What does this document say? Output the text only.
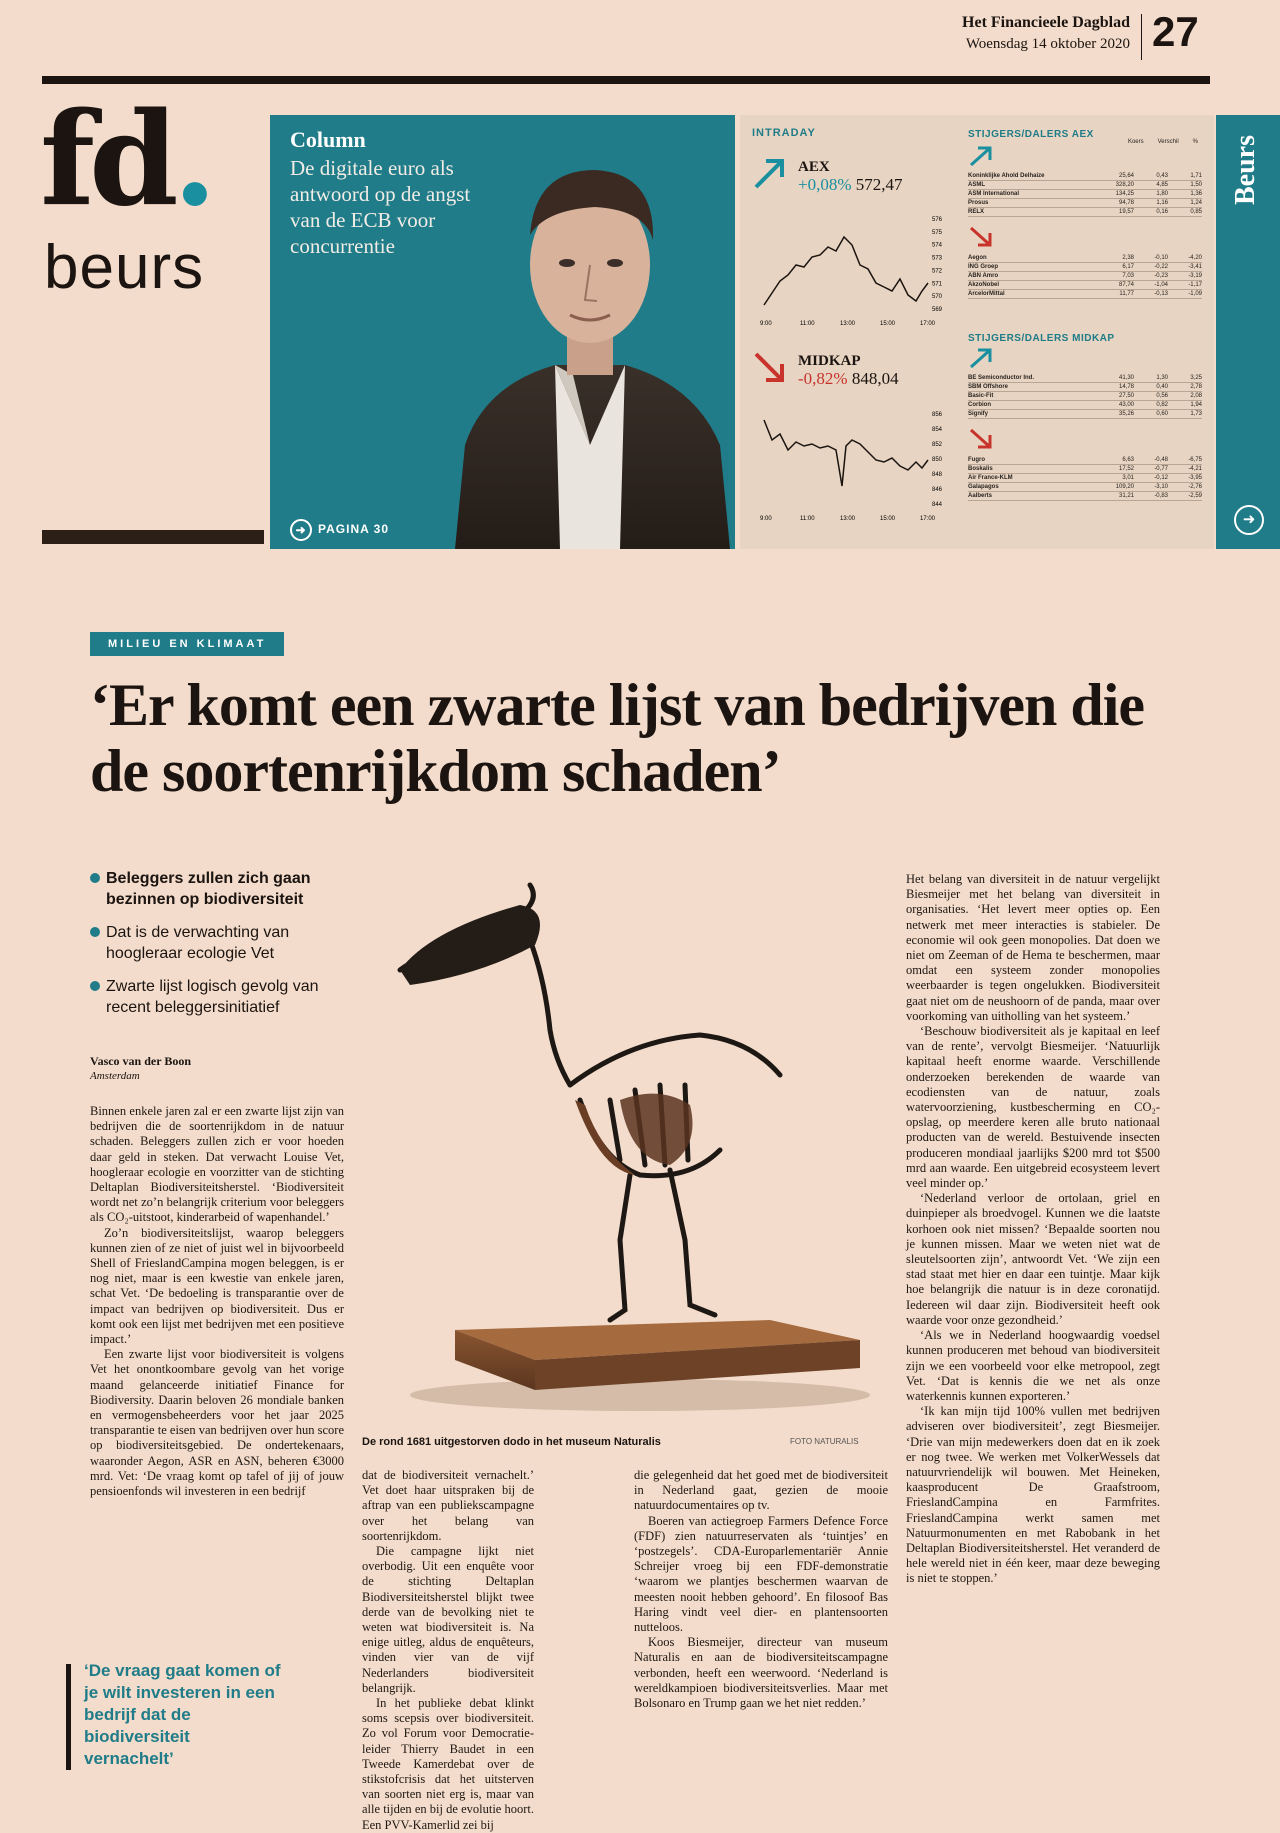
Het Financieele Dagblad
Woensdag 14 oktober 2020 27
fd.
beurs
Column
De digitale euro als antwoord op de angst van de ECB voor concurrentie
➜ PAGINA 30
INTRADAY
AEX
+0,08% 572,47
576
575
574
573
572
571
570
569
9:00	11:00	13:00	15:00	17:00
MIDKAP
-0,82% 848,04
856
854
852
850
848
846
844
9:00	11:00	13:00	15:00	17:00
STIJGERS/DALERS AEX
Koers Verschil %
Koninklijke Ahold Delhaize	25,64	0,43	1,71
ASML	328,20	4,85	1,50
ASM International	134,25	1,80	1,36
Prosus	94,78	1,16	1,24
RELX	19,57	0,16	0,85
Aegon	2,38	-0,10	-4,20
ING Groep	6,17	-0,22	-3,41
ABN Amro	7,03	-0,23	-3,19
AkzoNobel	87,74	-1,04	-1,17
ArcelorMittal	11,77	-0,13	-1,09
STIJGERS/DALERS MIDKAP
BE Semiconductor Ind.	41,30	1,30	3,25
SBM Offshore	14,78	0,40	2,78
Basic-Fit	27,50	0,56	2,08
Corbion	43,00	0,82	1,94
Signify	35,26	0,60	1,73
Fugro	6,63	-0,48	-6,75
Boskalis	17,52	-0,77	-4,21
Air France-KLM	3,01	-0,12	-3,95
Galapagos	109,20	-3,10	-2,76
Aalberts	31,21	-0,83	-2,59
Beurs
➜
MILIEU EN KLIMAAT
‘Er komt een zwarte lijst van bedrijven die de soortenrijkdom schaden’
Beleggers zullen zich gaan bezinnen op biodiversiteit
Dat is de verwachting van hoogleraar ecologie Vet
Zwarte lijst logisch gevolg van recent beleggersinitiatief
Vasco van der Boon
Amsterdam

Binnen enkele jaren zal er een zwarte lijst zijn van bedrijven die de soortenrijkdom in de natuur schaden. Beleggers zullen zich er voor hoeden daar geld in steken. Dat verwacht Louise Vet, hoogleraar ecologie en voorzitter van de stichting Deltaplan Biodiversiteitsherstel. ‘Biodiversiteit wordt net zo’n belangrijk criterium voor beleggers als CO₂-uitstoot, kinderarbeid of wapenhandel.’

Zo’n biodiversiteitslijst, waarop beleggers kunnen zien of ze niet of juist wel in bijvoorbeeld Shell of FrieslandCampina mogen beleggen, is er nog niet, maar is een kwestie van enkele jaren, schat Vet. ‘De bedoeling is transparantie over de impact van bedrijven op biodiversiteit. Dus er komt ook een lijst met bedrijven met een positieve impact.’

Een zwarte lijst voor biodiversiteit is volgens Vet het onontkoombare gevolg van het vorige maand gelanceerde initiatief Finance for Biodiversity. Daarin beloven 26 mondiale banken en vermogensbeheerders voor het jaar 2025 transparantie te eisen van bedrijven over hun score op biodiversiteitsgebied. De ondertekenaars, waaronder Aegon, ASR en ASN, beheren €3000 mrd. Vet: ‘De vraag komt op tafel of jij of jouw pensioenfonds wil investeren in een bedrijf

De rond 1681 uitgestorven dodo in het museum Naturalis	FOTO NATURALIS

dat de biodiversiteit vernachelt.’ Vet doet haar uitspraken bij de aftrap van een publiekscampagne over het belang van soortenrijkdom.

Die campagne lijkt niet overbodig. Uit een enquête voor de stichting Deltaplan Biodiversiteitsherstel blijkt twee derde van de bevolking niet te weten wat biodiversiteit is. Na enige uitleg, aldus de enquêteurs, vinden vier van de vijf Nederlanders biodiversiteit belangrijk.

In het publieke debat klinkt soms scepsis over biodiversiteit. Zo vol Forum voor Democratie-leider Thierry Baudet in een Tweede Kamerdebat over de stikstofcrisis dat het uitsterven van soorten niet erg is, maar van alle tijden en bij de evolutie hoort. Een PVV-Kamerlid zei bij

die gelegenheid dat het goed met de biodiversiteit in Nederland gaat, gezien de mooie natuurdocumentaires op tv.

Boeren van actiegroep Farmers Defence Force (FDF) zien natuurreservaten als ‘tuintjes’ en ‘postzegels’. CDA-Europarlementariër Annie Schreijer vroeg bij een FDF-demonstratie ‘waarom we plantjes beschermen waarvan de meesten nooit hebben gehoord’. En filosoof Bas Haring vindt veel dier- en plantensoorten nutteloos.

Koos Biesmeijer, directeur van museum Naturalis en aan de biodiversiteitscampagne verbonden, heeft een weerwoord. ‘Nederland is wereldkampioen biodiversiteitsverlies. Maar met Bolsonaro en Trump gaan we het niet redden.’

Het belang van diversiteit in de natuur vergelijkt Biesmeijer met het belang van diversiteit in organisaties. ‘Het levert meer opties op. Een netwerk met meer interacties is stabieler. De economie wil ook geen monopolies. Dat doen we niet om Zeeman of de Hema te beschermen, maar omdat een systeem zonder monopolies weerbaarder is tegen ongelukken. Biodiversiteit gaat niet om de neushoorn of de panda, maar over voorkoming van uitholling van het systeem.’

‘Beschouw biodiversiteit als je kapitaal en leef van de rente’, vervolgt Biesmeijer. ‘Natuurlijk kapitaal heeft enorme waarde. Verschillende onderzoeken berekenden de waarde van ecodiensten van de natuur, zoals watervoorziening, kustbescherming en CO₂-opslag, op meerdere keren alle bruto nationaal producten van de wereld. Bestuivende insecten produceren mondiaal jaarlijks $200 mrd tot $500 mrd aan waarde. Een uitgebreid ecosysteem levert veel minder op.’

‘Nederland verloor de ortolaan, griel en duinpieper als broedvogel. Kunnen we die laatste korhoen ook niet missen? ‘Bepaalde soorten nou je kunnen missen. Maar we weten niet wat de sleutelsoorten zijn’, antwoordt Vet. ‘We zijn een stad staat met hier en daar een tuintje. Maar kijk hoe belangrijk die natuur is in deze coronatijd. Iedereen wil daar zijn. Biodiversiteit heeft ook waarde voor onze gezondheid.’

‘Als we in Nederland hoogwaardig voedsel kunnen produceren met behoud van biodiversiteit zijn we een voorbeeld voor elke metropool, zegt Vet. ‘Dat is kennis die we net als onze waterkennis kunnen exporteren.’

‘Ik kan mijn tijd 100% vullen met bedrijven adviseren over biodiversiteit’, zegt Biesmeijer. ‘Drie van mijn medewerkers doen dat en ik zoek er nog twee. We werken met VolkerWessels dat natuurvriendelijk wil bouwen. Met Heineken, kaasproducent De Graafstroom, FrieslandCampina en Farmfrites. FrieslandCampina werkt samen met Natuurmonumenten en met Rabobank in het Deltaplan Biodiversiteitsherstel. Het veranderd de hele wereld niet in één keer, maar deze beweging is niet te stoppen.’

‘De vraag gaat komen of je wilt investeren in een bedrijf dat de biodiversiteit vernachelt’
